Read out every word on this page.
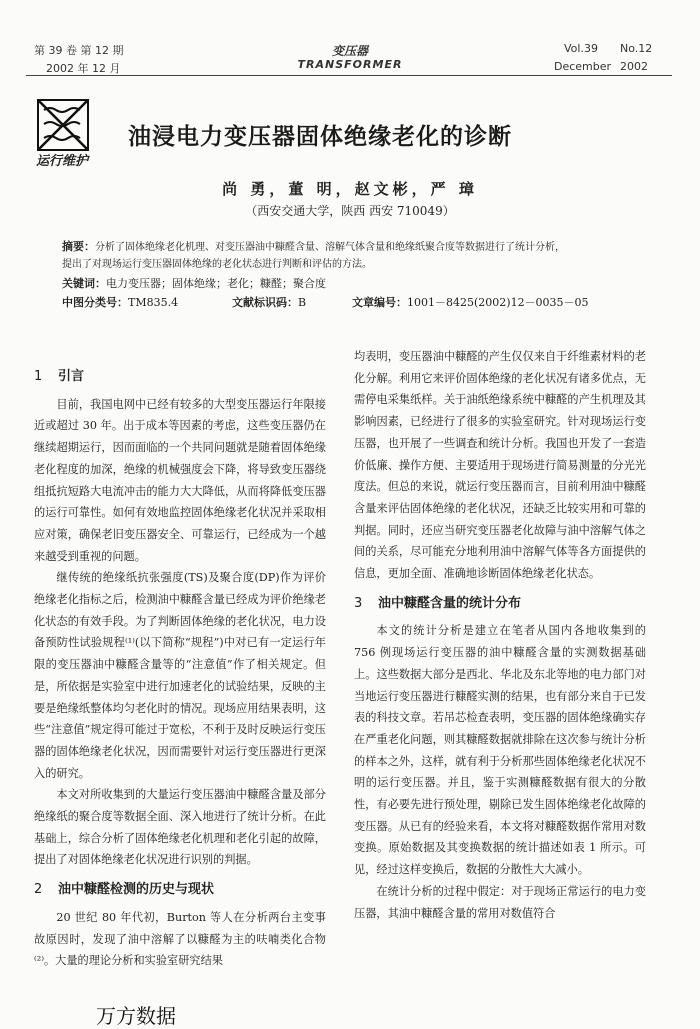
第 39 卷 第 12 期
2002 年 12 月
变压器
TRANSFORMER
Vol.39 No.12
December 2002
运行维护
油浸电力变压器固体绝缘老化的诊断
尚 勇，董 明，赵文彬，严 璋
（西安交通大学，陕西 西安 710049）
摘要：分析了固体绝缘老化机理、对变压器油中糠醛含量、溶解气体含量和绝缘纸聚合度等数据进行了统计分析，
提出了对现场运行变压器固体绝缘的老化状态进行判断和评估的方法。
关键词：电力变压器；固体绝缘；老化；糠醛；聚合度
中图分类号：TM835.4	文献标识码：B	文章编号：1001－8425(2002)12－0035－05
1 引言

目前，我国电网中已经有较多的大型变压器运行年限接近或超过 30 年。出于成本等因素的考虑，这些变压器仍在继续超期运行，因而面临的一个共同问题就是随着固体绝缘老化程度的加深，绝缘的机械强度会下降，将导致变压器绕组抵抗短路大电流冲击的能力大大降低，从而将降低变压器的运行可靠性。如何有效地监控固体绝缘老化状况并采取相应对策，确保老旧变压器安全、可靠运行，已经成为一个越来越受到重视的问题。

继传统的绝缘纸抗张强度(TS)及聚合度(DP)作为评价绝缘老化指标之后，检测油中糠醛含量已经成为评价绝缘老化状态的有效手段。为了判断固体绝缘的老化状况，电力设备预防性试验规程⁽¹⁾(以下简称“规程”)中对已有一定运行年限的变压器油中糠醛含量等的“注意值”作了相关规定。但是，所依据是实验室中进行加速老化的试验结果，反映的主要是绝缘纸整体均匀老化时的情况。现场应用结果表明，这些“注意值”规定得可能过于宽松，不利于及时反映运行变压器的固体绝缘老化状况，因而需要针对运行变压器进行更深入的研究。

本文对所收集到的大量运行变压器油中糠醛含量及部分绝缘纸的聚合度等数据全面、深入地进行了统计分析。在此基础上，综合分析了固体绝缘老化机理和老化引起的故障，提出了对固体绝缘老化状况进行识别的判据。

2 油中糠醛检测的历史与现状

20 世纪 80 年代初，Burton 等人在分析两台主变事故原因时，发现了油中溶解了以糠醛为主的呋喃类化合物⁽²⁾。大量的理论分析和实验室研究结果

均表明，变压器油中糠醛的产生仅仅来自于纤维素材料的老化分解。利用它来评价固体绝缘的老化状况有诸多优点，无需停电采集纸样。关于油纸绝缘系统中糠醛的产生机理及其影响因素，已经进行了很多的实验室研究。针对现场运行变压器，也开展了一些调查和统计分析。我国也开发了一套造价低廉、操作方便、主要适用于现场进行简易测量的分光光度法。但总的来说，就运行变压器而言，目前利用油中糠醛含量来评估固体绝缘的老化状况，还缺乏比较实用和可靠的判据。同时，还应当研究变压器老化故障与油中溶解气体之间的关系，尽可能充分地利用油中溶解气体等各方面提供的信息，更加全面、准确地诊断固体绝缘老化状态。

3 油中糠醛含量的统计分布

本文的统计分析是建立在笔者从国内各地收集到的 756 例现场运行变压器的油中糠醛含量的实测数据基础上。这些数据大部分是西北、华北及东北等地的电力部门对当地运行变压器进行糠醛实测的结果，也有部分来自于已发表的科技文章。若吊芯检查表明，变压器的固体绝缘确实存在严重老化问题，则其糠醛数据就排除在这次参与统计分析的样本之外，这样，就有利于分析那些固体绝缘老化状况不明的运行变压器。并且，鉴于实测糠醛数据有很大的分散性，有必要先进行预处理，剔除已发生固体绝缘老化故障的变压器。从已有的经验来看，本文将对糠醛数据作常用对数变换。原始数据及其变换数据的统计描述如表 1 所示。可见，经过这样变换后，数据的分散性大大减小。

在统计分析的过程中假定：对于现场正常运行的电力变压器，其油中糠醛含量的常用对数值符合

万方数据
